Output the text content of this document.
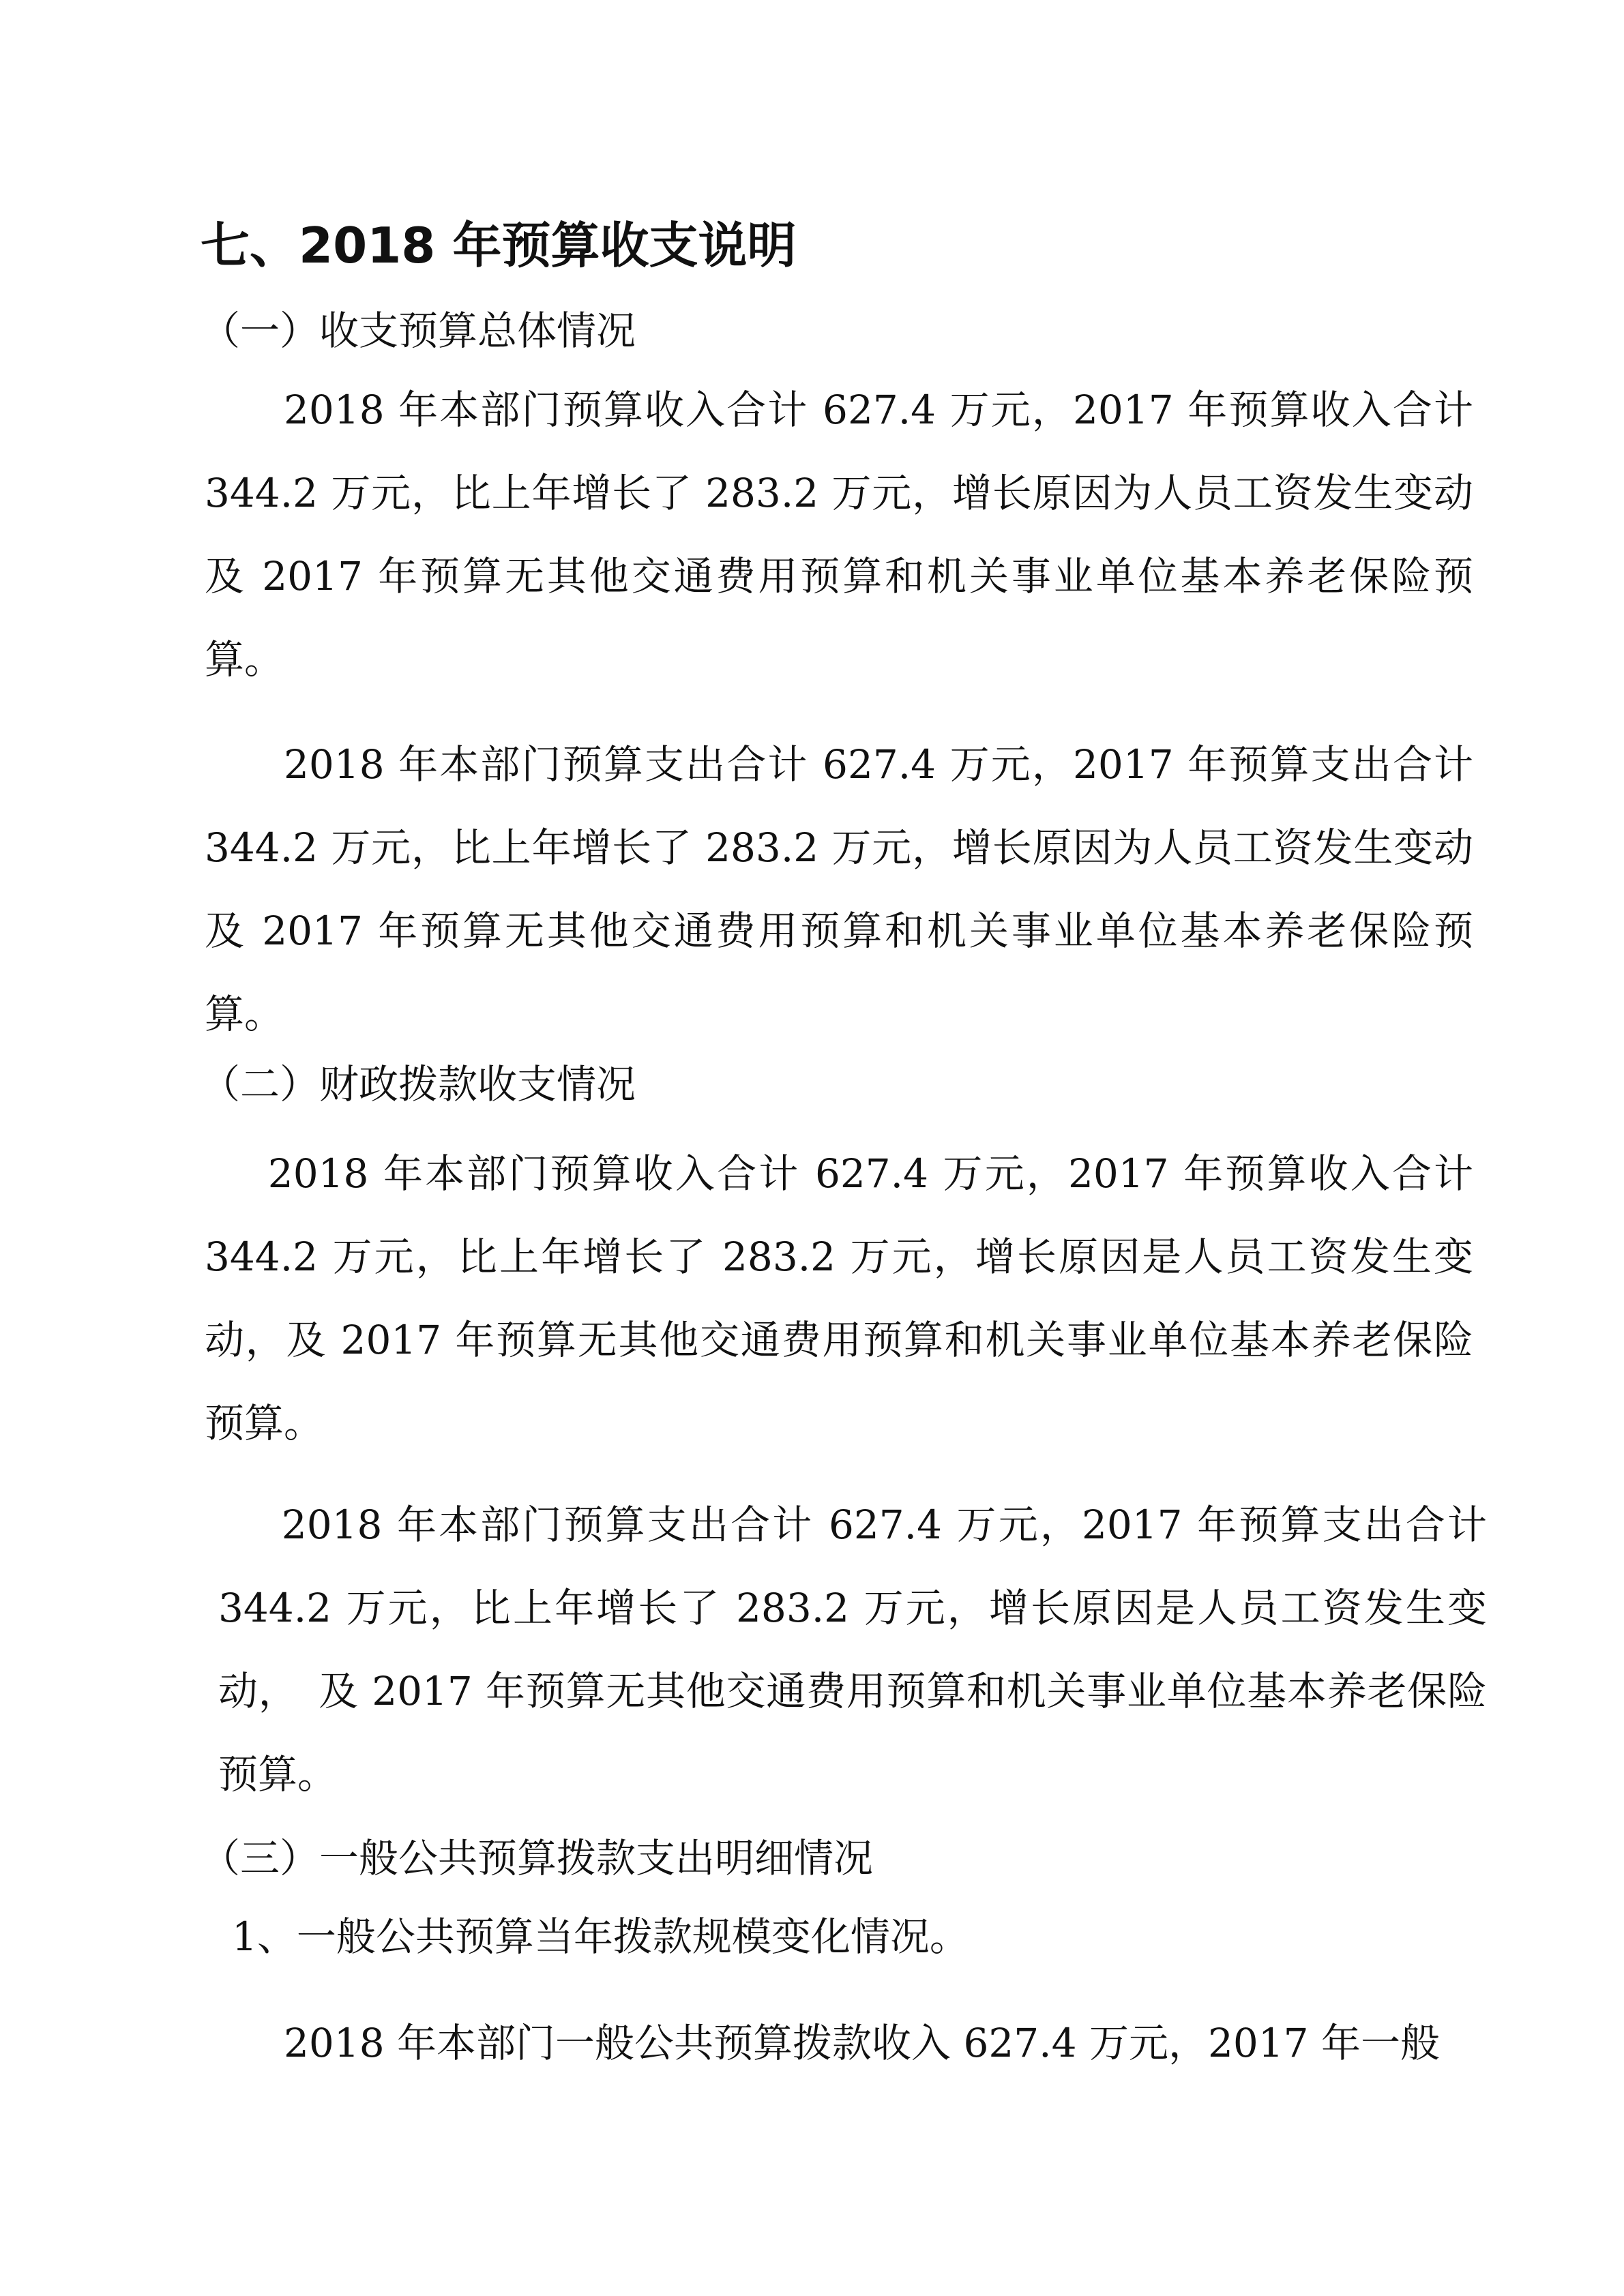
七、2018 年预算收支说明

（一）收支预算总体情况

2018 年本部门预算收入合计 627.4 万元，2017 年预算收入合计 344.2 万元，比上年增长了 283.2 万元，增长原因为人员工资发生变动及 2017 年预算无其他交通费用预算和机关事业单位基本养老保险预算。

2018 年本部门预算支出合计 627.4 万元，2017 年预算支出合计 344.2 万元，比上年增长了 283.2 万元，增长原因为人员工资发生变动及 2017 年预算无其他交通费用预算和机关事业单位基本养老保险预算。

（二）财政拨款收支情况

2018 年本部门预算收入合计 627.4 万元，2017 年预算收入合计 344.2 万元，比上年增长了 283.2 万元，增长原因是人员工资发生变动，及 2017 年预算无其他交通费用预算和机关事业单位基本养老保险预算。

2018 年本部门预算支出合计 627.4 万元，2017 年预算支出合计 344.2 万元，比上年增长了 283.2 万元，增长原因是人员工资发生变动，　及 2017 年预算无其他交通费用预算和机关事业单位基本养老保险预算。

（三）一般公共预算拨款支出明细情况

1、一般公共预算当年拨款规模变化情况。

2018 年本部门一般公共预算拨款收入 627.4 万元，2017 年一般
